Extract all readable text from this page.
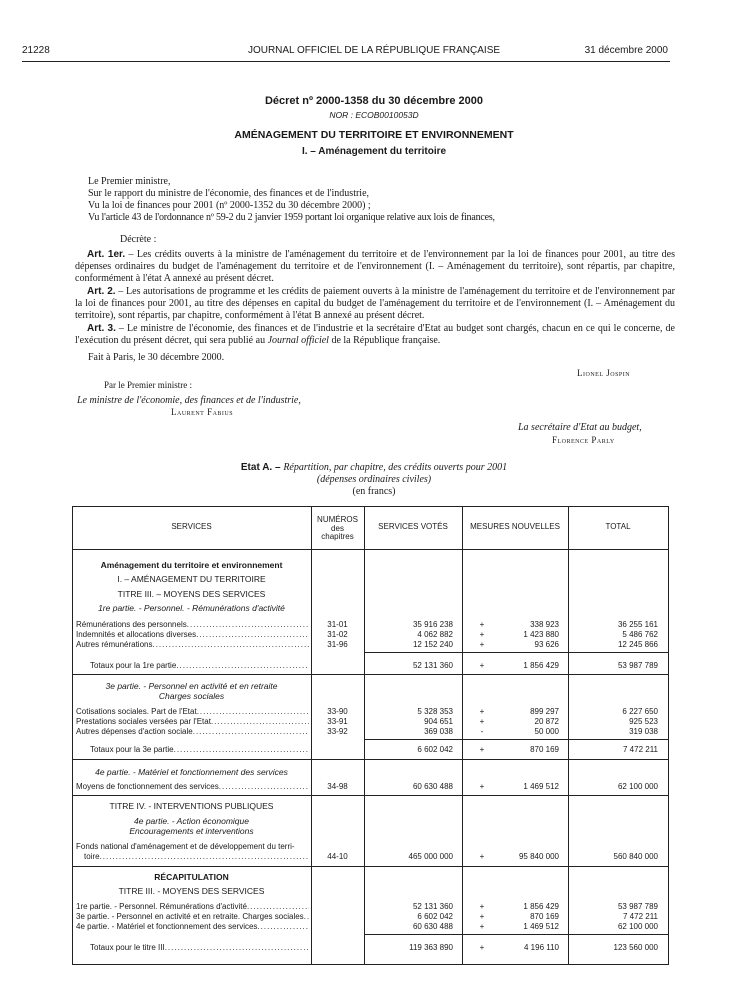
21228	JOURNAL OFFICIEL DE LA RÉPUBLIQUE FRANÇAISE	31 décembre 2000
Décret nº 2000-1358 du 30 décembre 2000
NOR : ECOB0010053D
AMÉNAGEMENT DU TERRITOIRE ET ENVIRONNEMENT
I. – Aménagement du territoire
Le Premier ministre,
Sur le rapport du ministre de l'économie, des finances et de l'industrie,
Vu la loi de finances pour 2001 (nº 2000-1352 du 30 décembre 2000) ;
Vu l'article 43 de l'ordonnance nº 59-2 du 2 janvier 1959 portant loi organique relative aux lois de finances,
Décrète :
Art. 1er. – Les crédits ouverts à la ministre de l'aménagement du territoire et de l'environnement par la loi de finances pour 2001, au titre des dépenses ordinaires du budget de l'aménagement du territoire et de l'environnement (I. – Aménagement du territoire), sont répartis, par chapitre, conformément à l'état A annexé au présent décret.
Art. 2. – Les autorisations de programme et les crédits de paiement ouverts à la ministre de l'aménagement du territoire et de l'environnement par la loi de finances pour 2001, au titre des dépenses en capital du budget de l'aménagement du territoire et de l'environnement (I. – Aménagement du territoire), sont répartis, par chapitre, conformément à l'état B annexé au présent décret.
Art. 3. – Le ministre de l'économie, des finances et de l'industrie et la secrétaire d'Etat au budget sont chargés, chacun en ce qui le concerne, de l'exécution du présent décret, qui sera publié au Journal officiel de la République française.
Fait à Paris, le 30 décembre 2000.
Lionel Jospin
Par le Premier ministre :
Le ministre de l'économie, des finances et de l'industrie,
Laurent Fabius
La secrétaire d'Etat au budget,
Florence Parly
Etat A. – Répartition, par chapitre, des crédits ouverts pour 2001
(dépenses ordinaires civiles)
(en francs)
SERVICES
NUMÉROS
des
chapitres
SERVICES VOTÉS	MESURES NOUVELLES	TOTAL
Aménagement du territoire et environnement
I. – AMÉNAGEMENT DU TERRITOIRE
TITRE III. – MOYENS DES SERVICES
1re partie. - Personnel. - Rémunérations d'activité
Rémunérations des personnels .....	31-01	35 916 238	+	338 923	36 255 161
Indemnités et allocations diverses .....	31-02	4 062 882	+	1 423 880	5 486 762
Autres rémunérations .....	31-96	12 152 240	+	93 626	12 245 866
Totaux pour la 1re partie .....	52 131 360	+	1 856 429	53 987 789
3e partie. - Personnel en activité et en retraite
Charges sociales
Cotisations sociales. Part de l'Etat .....	33-90	5 328 353	+	899 297	6 227 650
Prestations sociales versées par l'Etat .....	33-91	904 651	+	20 872	925 523
Autres dépenses d'action sociale .....	33-92	369 038	-	50 000	319 038
Totaux pour la 3e partie .....	6 602 042	+	870 169	7 472 211
4e partie. - Matériel et fonctionnement des services
Moyens de fonctionnement des services .....	34-98	60 630 488	+	1 469 512	62 100 000
TITRE IV. - INTERVENTIONS PUBLIQUES
4e partie. - Action économique
Encouragements et interventions
Fonds national d'aménagement et de développement du terri-
toire .....	44-10	465 000 000	+	95 840 000	560 840 000
RÉCAPITULATION
TITRE III. - MOYENS DES SERVICES
1re partie. - Personnel. Rémunérations d'activité .....	52 131 360	+	1 856 429	53 987 789
3e partie. - Personnel en activité et en retraite. Charges sociales .....	6 602 042	+	870 169	7 472 211
4e partie. - Matériel et fonctionnement des services .....	60 630 488	+	1 469 512	62 100 000
Totaux pour le titre III .....	119 363 890	+	4 196 110	123 560 000
